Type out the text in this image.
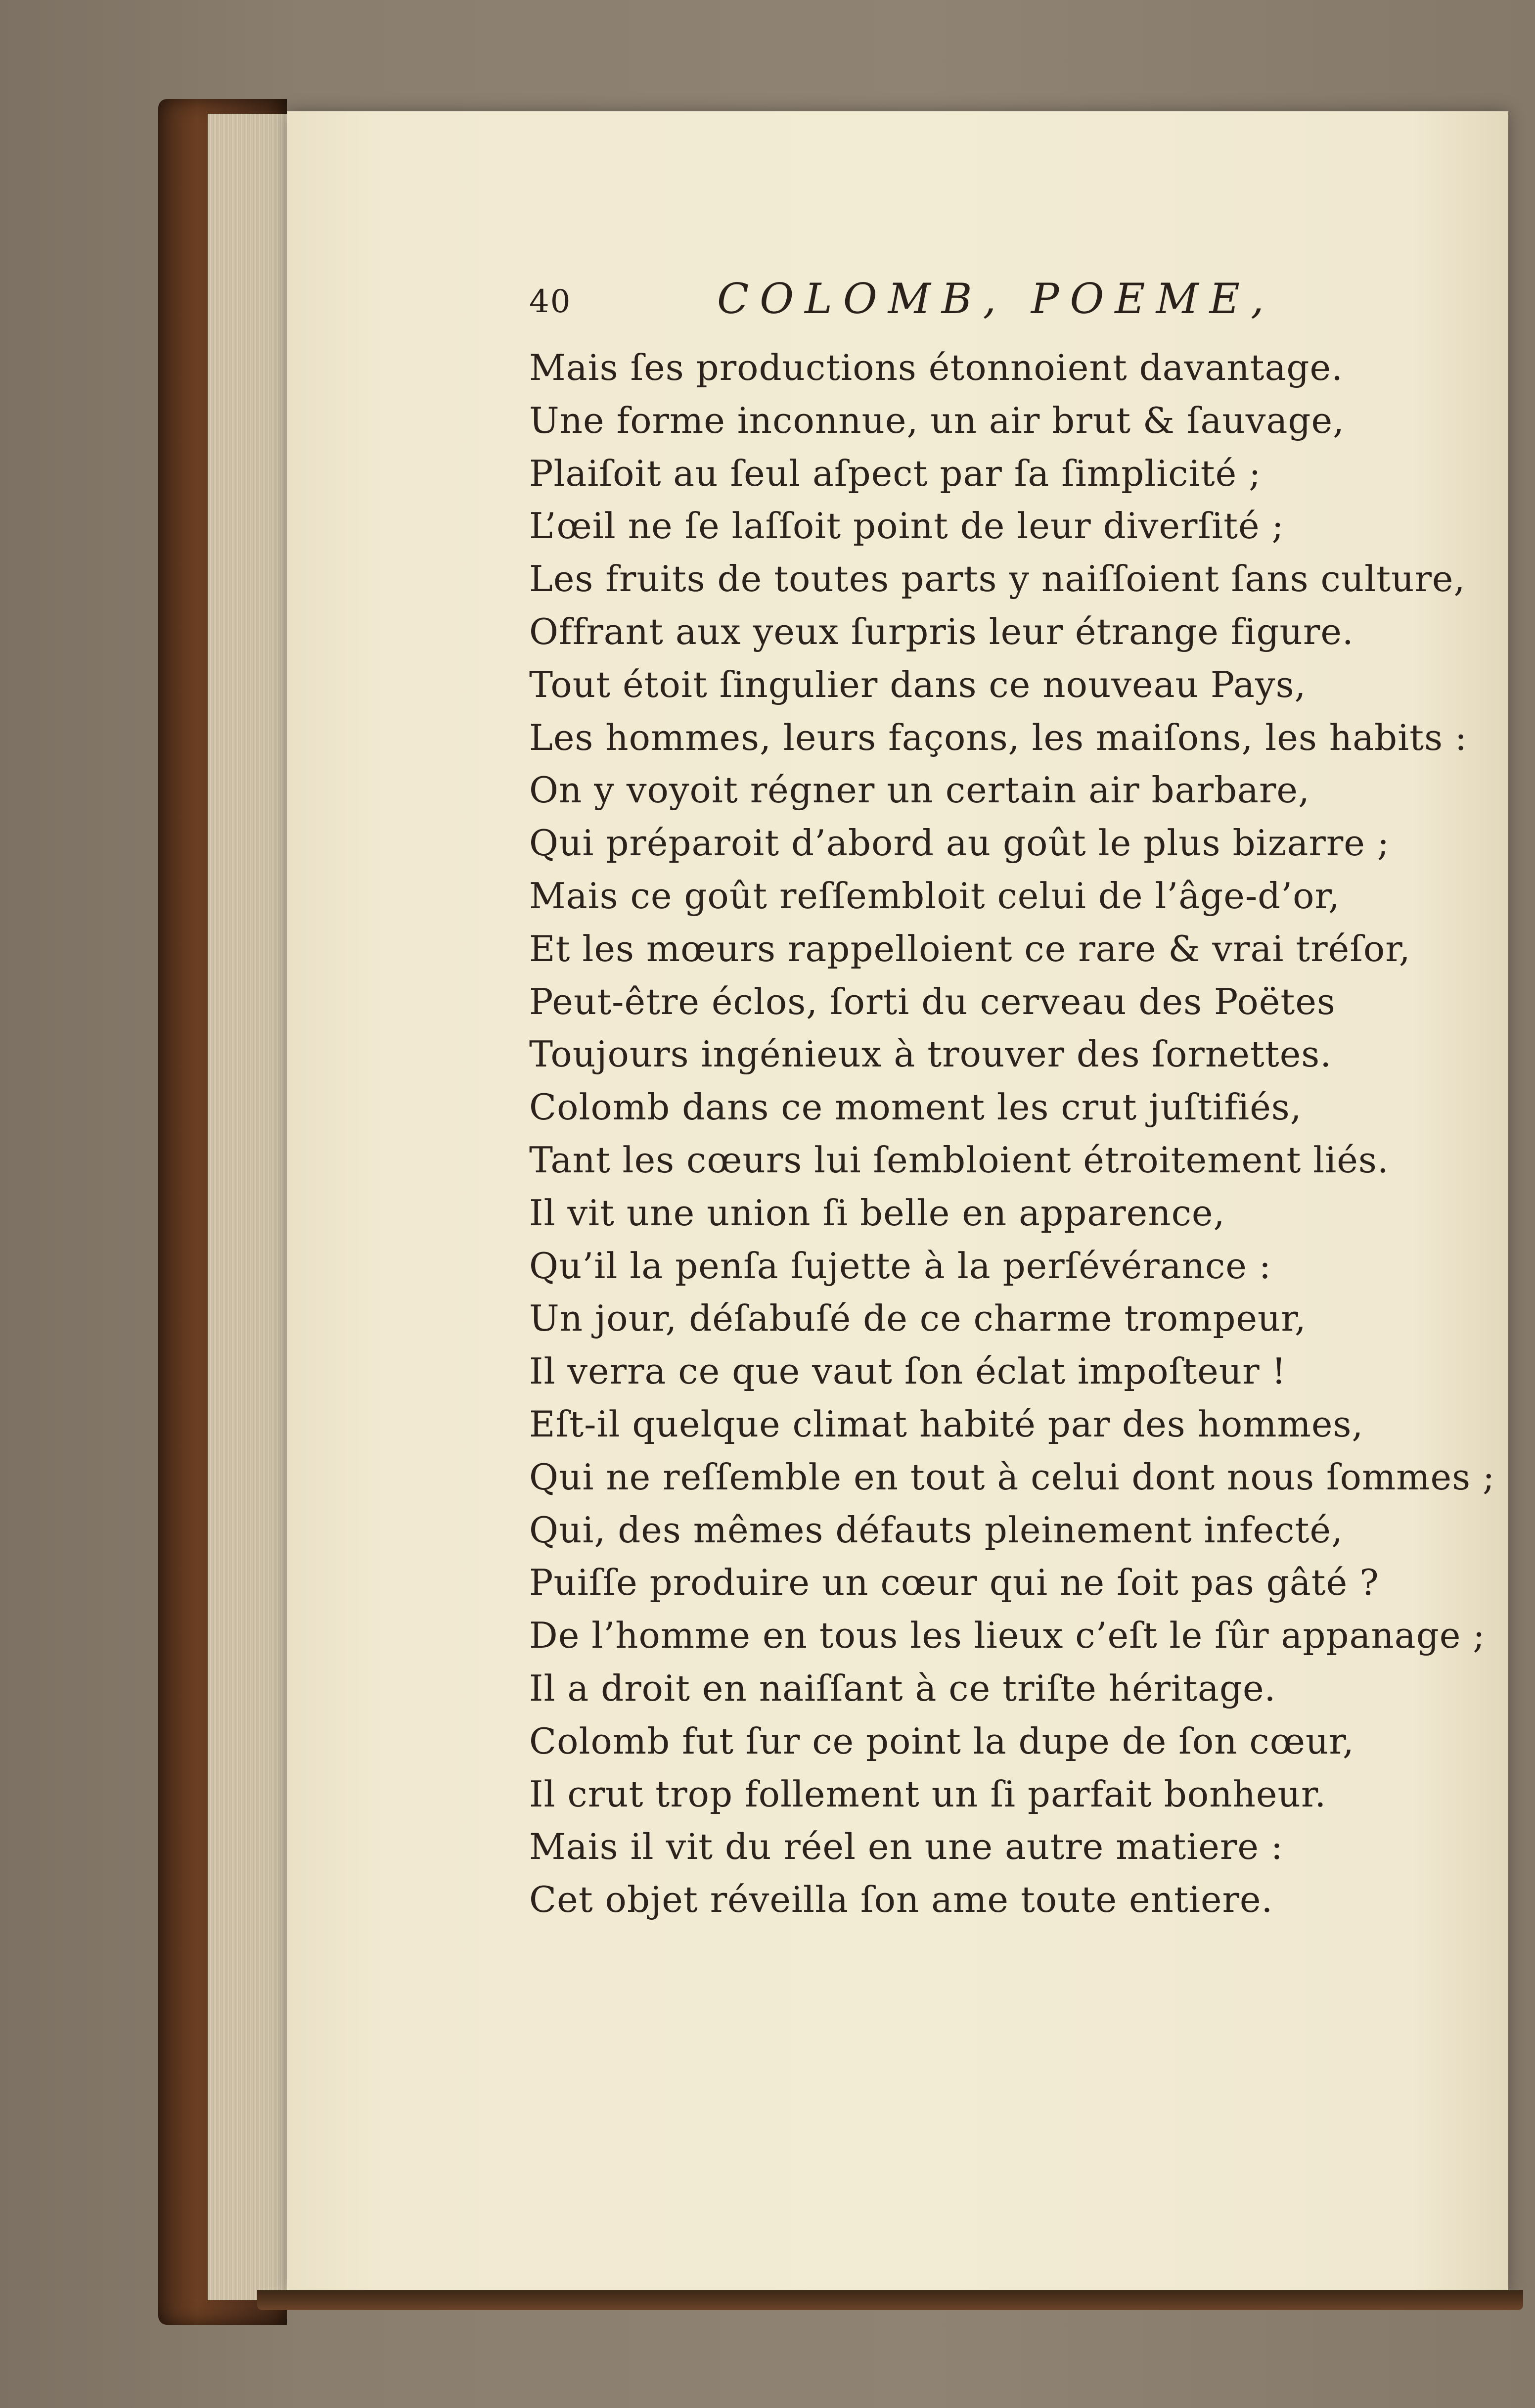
40	COLOMB, POEME,
Mais ſes productions étonnoient davantage.
Une forme inconnue, un air brut & ſauvage,
Plaiſoit au ſeul aſpect par ſa ſimplicité ;
L’œil ne ſe laſſoit point de leur diverſité ;
Les fruits de toutes parts y naiſſoient ſans culture,
Offrant aux yeux ſurpris leur étrange figure.
Tout étoit ſingulier dans ce nouveau Pays,
Les hommes, leurs façons, les maiſons, les habits :
On y voyoit régner un certain air barbare,
Qui préparoit d’abord au goût le plus bizarre ;
Mais ce goût reſſembloit celui de l’âge-d’or,
Et les mœurs rappelloient ce rare & vrai tréſor,
Peut-être éclos, ſorti du cerveau des Poëtes
Toujours ingénieux à trouver des ſornettes.
Colomb dans ce moment les crut juſtifiés,
Tant les cœurs lui ſembloient étroitement liés.
Il vit une union ſi belle en apparence,
Qu’il la penſa ſujette à la perſévérance :
Un jour, déſabuſé de ce charme trompeur,
Il verra ce que vaut ſon éclat impoſteur !
Eſt-il quelque climat habité par des hommes,
Qui ne reſſemble en tout à celui dont nous ſommes ;
Qui, des mêmes défauts pleinement infecté,
Puiſſe produire un cœur qui ne ſoit pas gâté ?
De l’homme en tous les lieux c’eſt le ſûr appanage ;
Il a droit en naiſſant à ce triſte héritage.
Colomb fut ſur ce point la dupe de ſon cœur,
Il crut trop follement un ſi parfait bonheur.
Mais il vit du réel en une autre matiere :
Cet objet réveilla ſon ame toute entiere.
